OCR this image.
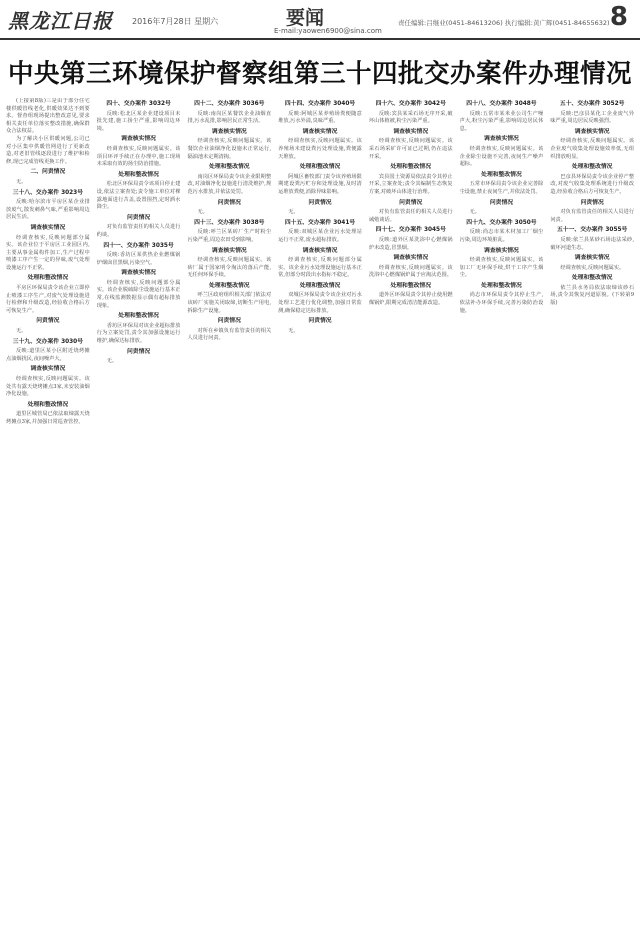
黑龙江日报 2016年7月28日 星期六	要闻
E-mail:yaowen6900@sina.com
责任编辑:吕继业(0451-84613206) 执行编辑:黄广辉(0451-84655632) 8
中央第三环境保护督察组第三十四批交办案件办理情况

(上接第8版)三是由于部分住宅楼供暖管线老化,供暖效果达不到要求。督查组现场提出整改意见,要求相关责任单位落实整改措施,确保群众合法权益。

为了解决小区供暖问题,公司已对小区集中供暖管网进行了更新改造,对老旧管线逐段进行了维护和检修,现已完成管线更换工作。

二、问责情况

无。

三十八、交办案件 3023号

反映:哈尔滨市平房区某企业排放废气,散发刺鼻气味,严重影响周边居民生活。

调查核实情况

经调查核实,反映问题部分属实。该企业位于平房区工业园区内,主要从事金属构件加工,生产过程中喷漆工序产生一定的异味,废气处理设施运行不正常。

处理和整改情况

平房区环保局责令该企业立即停止喷漆工序生产,对废气处理设施进行检修和升级改造,经验收合格后方可恢复生产。

问责情况

无。

三十九、交办案件 3030号

反映:道里区某小区附近烧烤摊点油烟扰民,夜间噪声大。

调查核实情况

经调查核实,反映问题属实。该处共有露天烧烤摊点3家,未安装油烟净化设施。

处理和整改情况

道里区城管局已依法取缔露天烧烤摊点3家,并加强日常巡查管控。

四十、交办案件 3032号

反映:松北区某企业建设项目未批先建,施工扬尘严重,影响周边环境。

调查核实情况

经调查核实,反映问题属实。该项目环评手续正在办理中,施工现场未采取有效的扬尘防治措施。

处理和整改情况

松北区环保局责令该项目停止建设,依法立案查处;责令施工单位对裸露地面进行苫盖,设置围挡,定时洒水降尘。

问责情况

对负有监管责任的相关人员进行约谈。

四十一、交办案件 3035号

反映:香坊区某供热企业燃煤锅炉烟囱冒黑烟,污染空气。

调查核实情况

经调查核实,反映问题部分属实。该企业脱硫除尘设施运行基本正常,在线监测数据显示偶有超标排放现象。

处理和整改情况

香坊区环保局对该企业超标排放行为立案处罚,责令其加强设施运行维护,确保达标排放。

问责情况

无。

四十二、交办案件 3036号

反映:南岗区某餐饮企业油烟直排,污水乱排,影响居民正常生活。

调查核实情况

经调查核实,反映问题属实。该餐饮企业油烟净化设施未正常运行,隔油池未定期清掏。

处理和整改情况

南岗区环保局责令该企业限期整改,对油烟净化设施进行清洗维护,规范污水排放,并依法处罚。

问责情况

无。

四十三、交办案件 3038号

反映:呼兰区某砖厂生产时粉尘污染严重,周边农田受到影响。

调查核实情况

经调查核实,反映问题属实。该砖厂属于国家明令淘汰的落后产能,无任何环保手续。

处理和整改情况

呼兰区政府组织相关部门依法对该砖厂实施关闭取缔,切断生产用电,拆除生产设施。

问责情况

对所在乡镇负有监管责任的相关人员进行问责。

四十四、交办案件 3040号

反映:阿城区某养殖场粪便随意堆放,污水外溢,臭味严重。

调查核实情况

经调查核实,反映问题属实。该养殖场未建设粪污处理设施,粪便露天堆放。

处理和整改情况

阿城区畜牧部门责令该养殖场限期建设粪污贮存和处理设施,及时清运堆放粪便,消除异味影响。

问责情况

无。

四十五、交办案件 3041号

反映:双城区某企业污水处理站运行不正常,废水超标排放。

调查核实情况

经调查核实,反映问题部分属实。该企业污水处理设施运行基本正常,但部分时段出水指标不稳定。

处理和整改情况

双城区环保局责令该企业对污水处理工艺进行优化调整,加强日常监测,确保稳定达标排放。

问责情况

无。

四十六、交办案件 3042号

反映:宾县某采石场无序开采,破坏山体植被,粉尘污染严重。

调查核实情况

经调查核实,反映问题属实。该采石场采矿许可证已过期,仍在违法开采。

处理和整改情况

宾县国土资源局依法责令其停止开采,立案查处;责令其编制生态恢复方案,对破坏山体进行治理。

问责情况

对负有监管责任的相关人员进行诫勉谈话。

四十七、交办案件 3045号

反映:道外区某洗浴中心燃煤锅炉未改造,冒黑烟。

调查核实情况

经调查核实,反映问题属实。该洗浴中心燃煤锅炉属于应淘汰范围。

处理和整改情况

道外区环保局责令其停止使用燃煤锅炉,限期完成清洁能源改造。

四十八、交办案件 3048号

反映:五常市某米业公司生产噪声大,粉尘污染严重,影响周边居民休息。

调查核实情况

经调查核实,反映问题属实。该企业除尘设施不完善,夜间生产噪声超标。

处理和整改情况

五常市环保局责令该企业完善除尘设施,禁止夜间生产,并依法处罚。

问责情况

无。

四十九、交办案件 3050号

反映:尚志市某木材加工厂烟尘污染,周边环境脏乱。

调查核实情况

经调查核实,反映问题属实。该加工厂无环保手续,烘干工序产生烟尘。

处理和整改情况

尚志市环保局责令其停止生产,依法补办环保手续,完善污染防治设施。

五十、交办案件 3052号

反映:巴彦县某化工企业废气异味严重,周边居民反映强烈。

调查核实情况

经调查核实,反映问题属实。该企业废气收集处理设施效率低,无组织排放明显。

处理和整改情况

巴彦县环保局责令该企业停产整改,对废气收集处理系统进行升级改造,经验收合格后方可恢复生产。

问责情况

对负有监管责任的相关人员进行问责。

五十一、交办案件 3055号

反映:依兰县某砂石场违法采砂,破坏河道生态。

调查核实情况

经调查核实,反映问题属实。

处理和整改情况

依兰县水务局依法取缔该砂石场,责令其恢复河道原貌。(下转第9版)
